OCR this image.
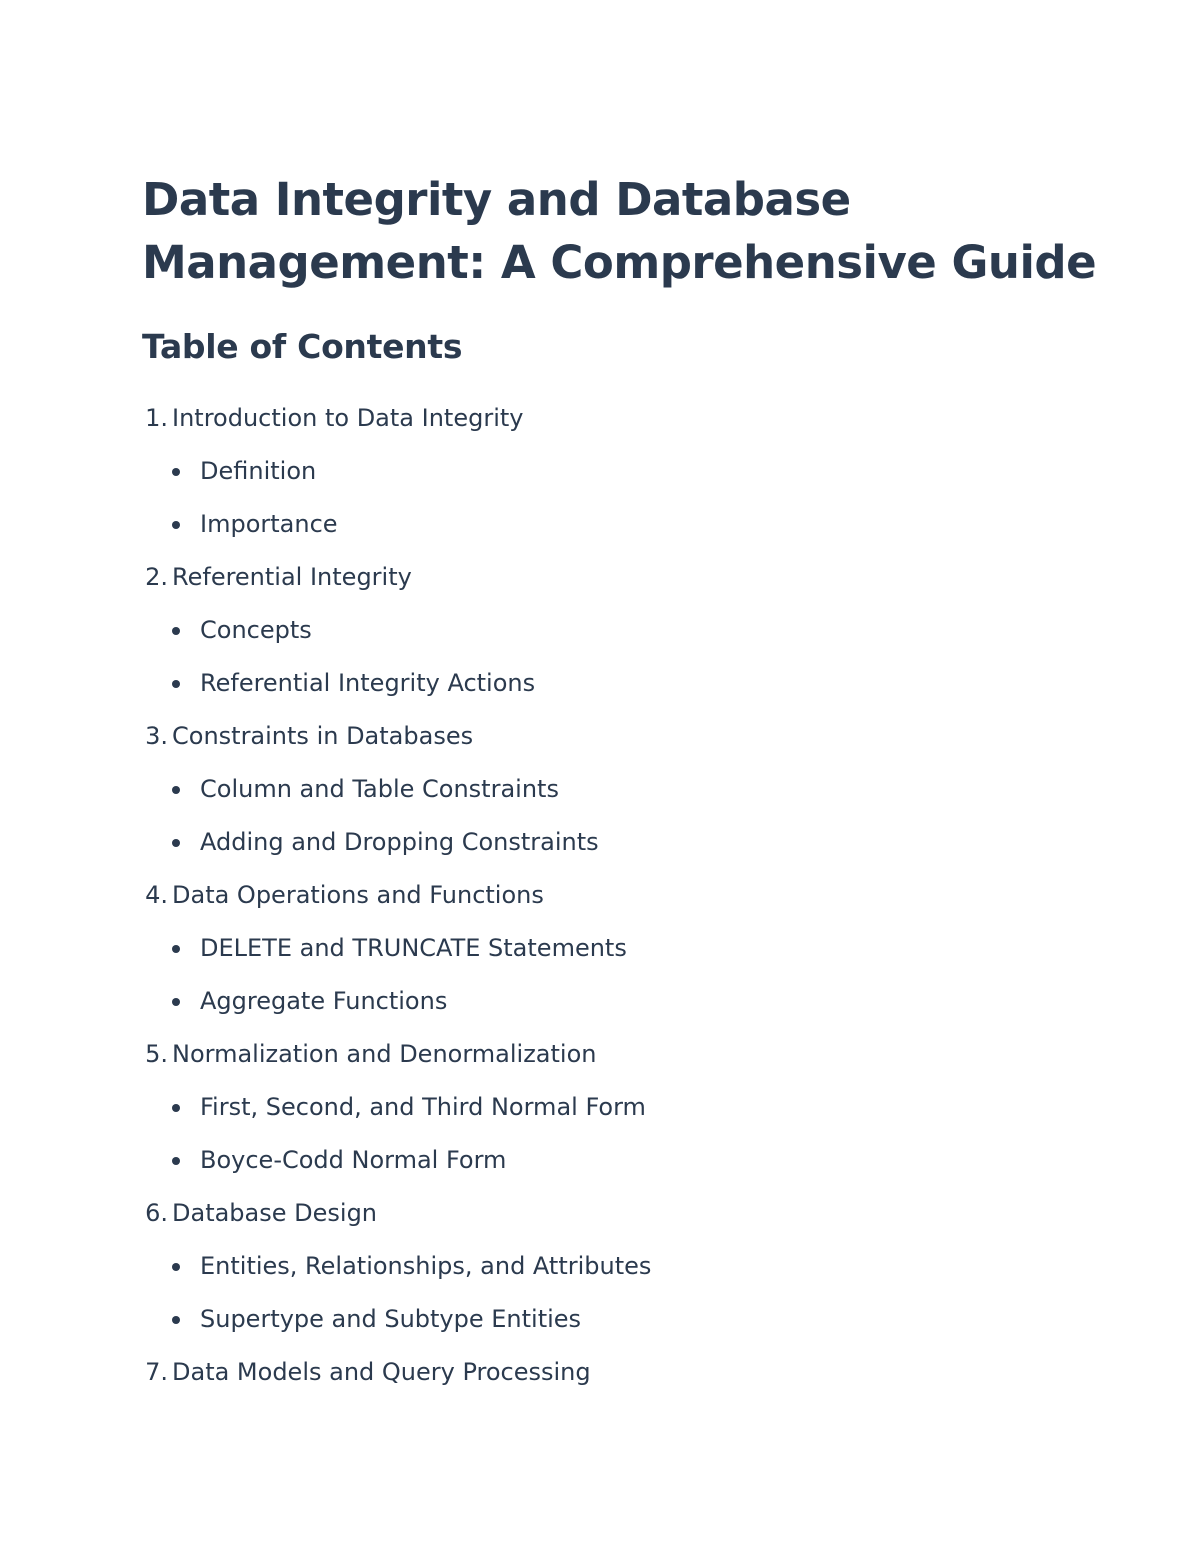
Data Integrity and Database Management: A Comprehensive Guide
Table of Contents
1 . Introduction to Data Integrity
Definition
Importance
2 . Referential Integrity
Concepts
Referential Integrity Actions
3 . Constraints in Databases
Column and Table Constraints
Adding and Dropping Constraints
4 . Data Operations and Functions
DELETE and TRUNCATE Statements
Aggregate Functions
5 . Normalization and Denormalization
First, Second, and Third Normal Form
Boyce-Codd Normal Form
6 . Database Design
Entities, Relationships, and Attributes
Supertype and Subtype Entities
7 . Data Models and Query Processing
